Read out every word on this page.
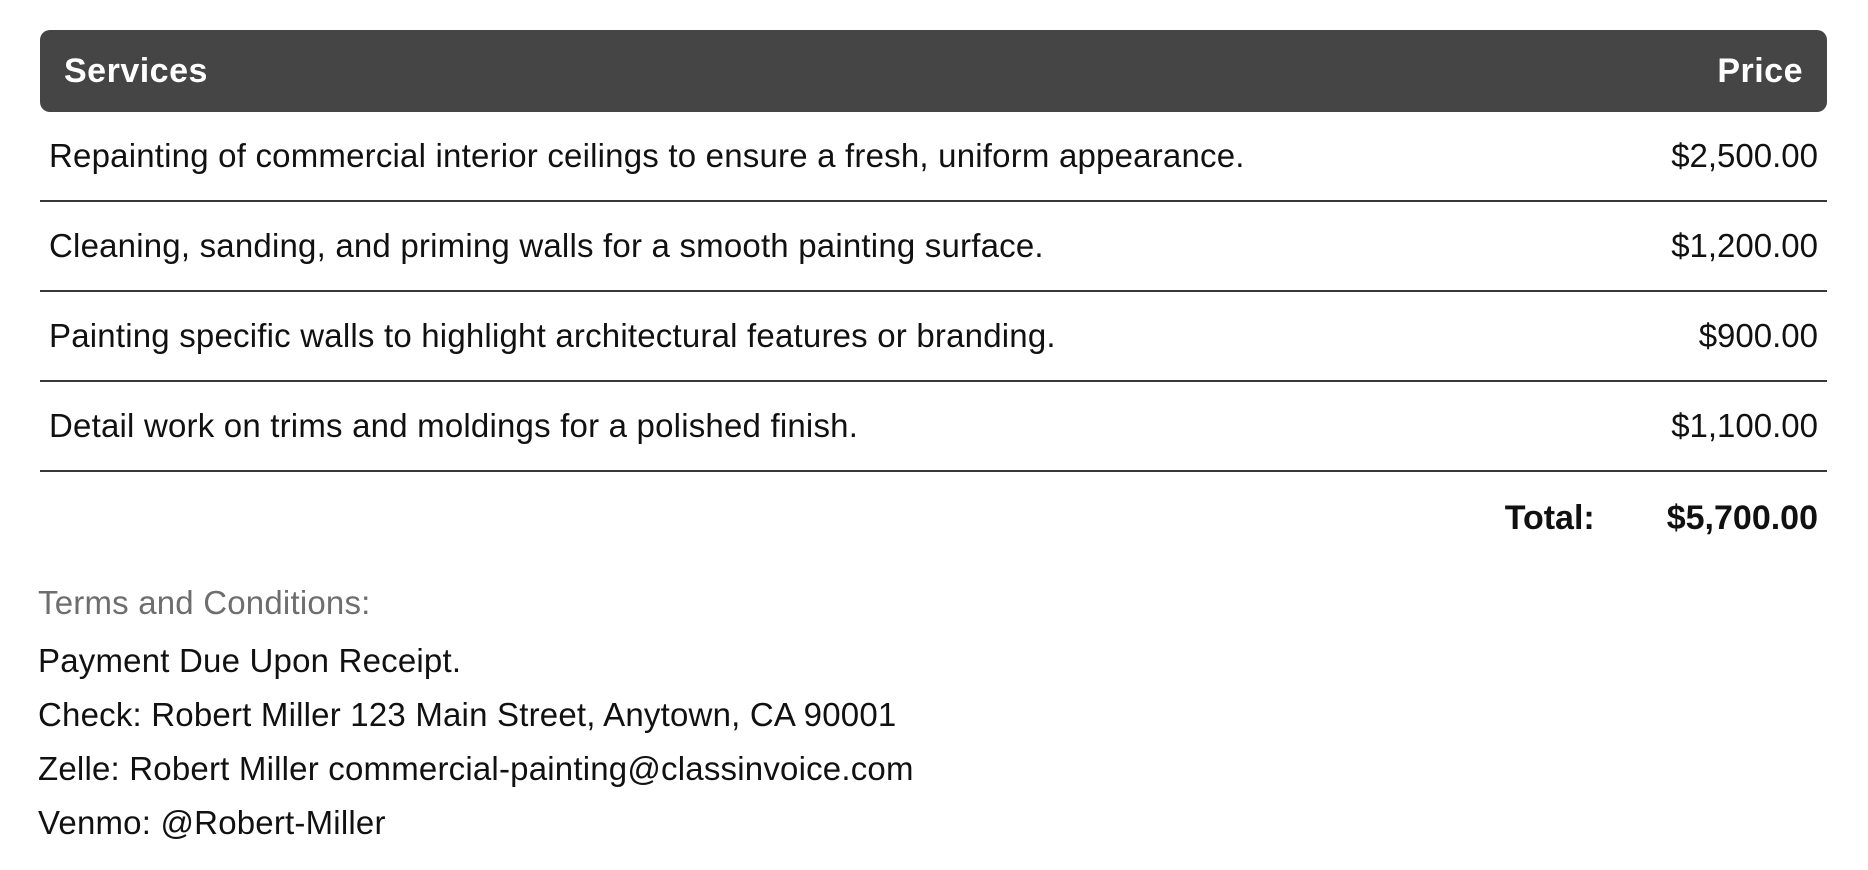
Services	Price
Repainting of commercial interior ceilings to ensure a fresh, uniform appearance.	$2,500.00
Cleaning, sanding, and priming walls for a smooth painting surface.	$1,200.00
Painting specific walls to highlight architectural features or branding.	$900.00
Detail work on trims and moldings for a polished finish.	$1,100.00
Total: $5,700.00
Terms and Conditions:
Payment Due Upon Receipt.
Check: Robert Miller 123 Main Street, Anytown, CA 90001
Zelle: Robert Miller commercial-painting@classinvoice.com
Venmo: @Robert-Miller
